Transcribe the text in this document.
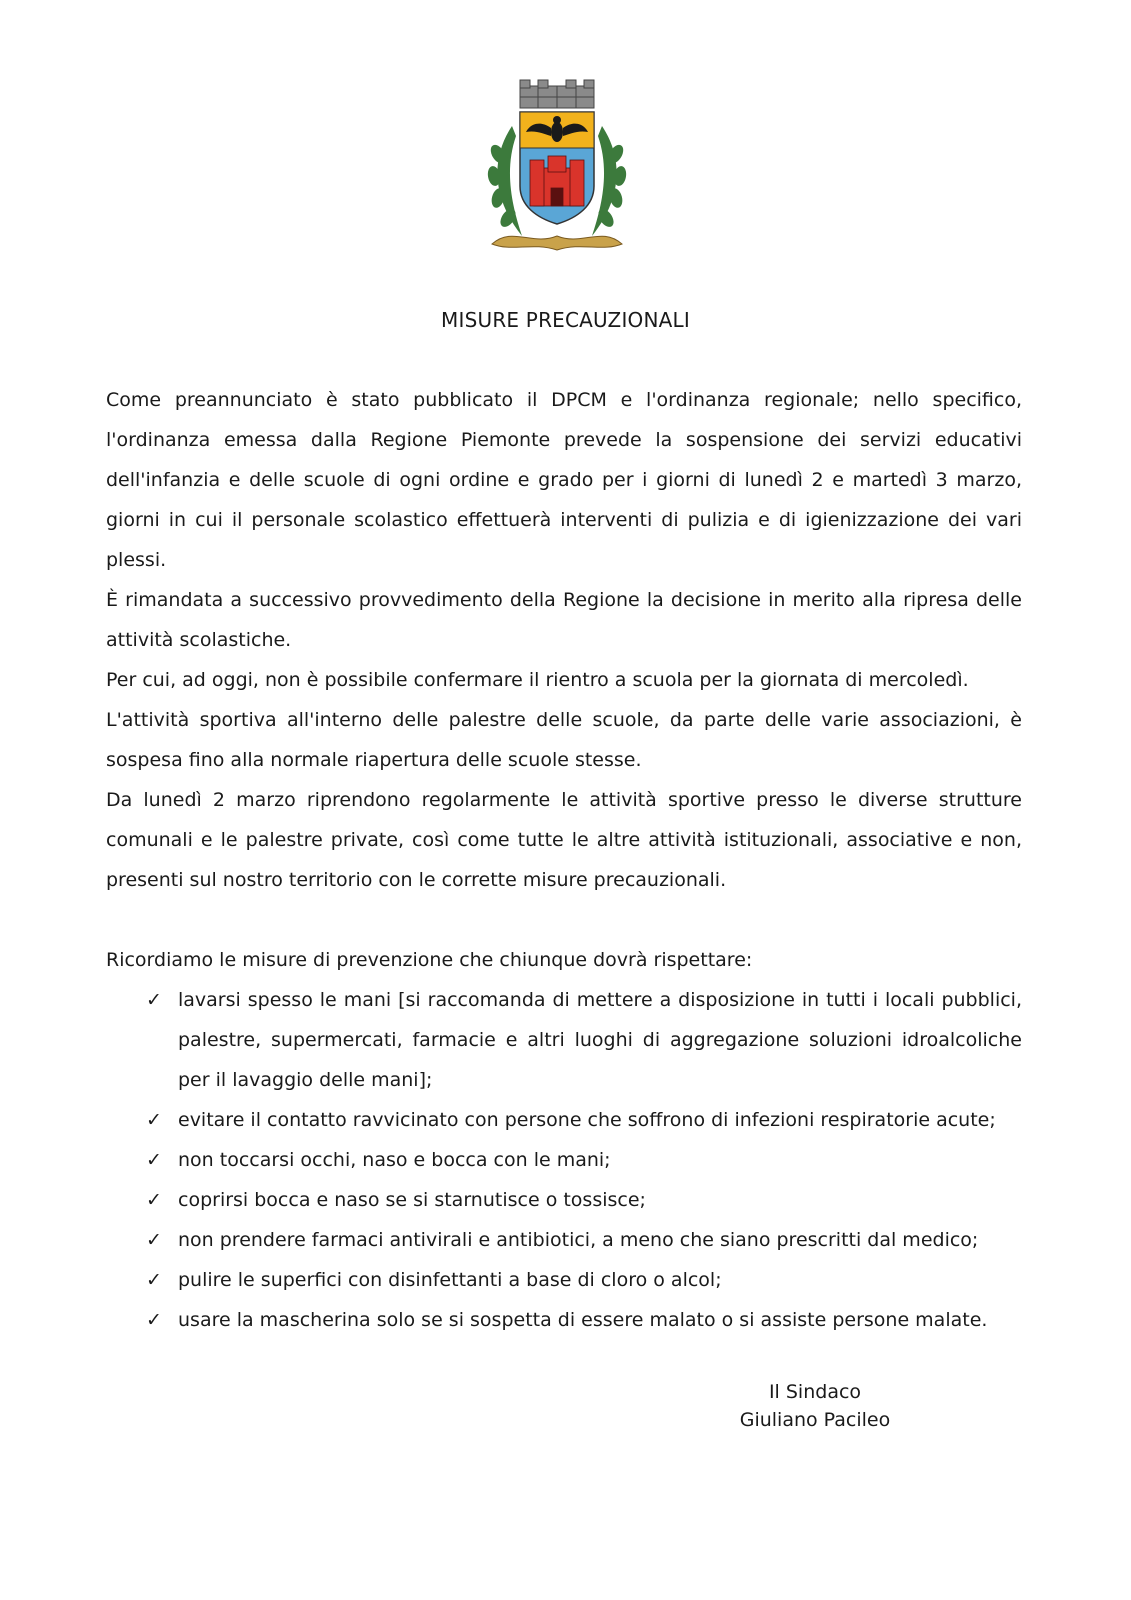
MISURE PRECAUZIONALI

Come preannunciato è stato pubblicato il DPCM e l'ordinanza regionale; nello specifico, l'ordinanza emessa dalla Regione Piemonte prevede la sospensione dei servizi educativi dell'infanzia e delle scuole di ogni ordine e grado per i giorni di lunedì 2 e martedì 3 marzo, giorni in cui il personale scolastico effettuerà interventi di pulizia e di igienizzazione dei vari plessi.

È rimandata a successivo provvedimento della Regione la decisione in merito alla ripresa delle attività scolastiche.

Per cui, ad oggi, non è possibile confermare il rientro a scuola per la giornata di mercoledì.

L'attività sportiva all'interno delle palestre delle scuole, da parte delle varie associazioni, è sospesa fino alla normale riapertura delle scuole stesse.

Da lunedì 2 marzo riprendono regolarmente le attività sportive presso le diverse strutture comunali e le palestre private, così come tutte le altre attività istituzionali, associative e non, presenti sul nostro territorio con le corrette misure precauzionali.

Ricordiamo le misure di prevenzione che chiunque dovrà rispettare:

✓ lavarsi spesso le mani [si raccomanda di mettere a disposizione in tutti i locali pubblici, palestre, supermercati, farmacie e altri luoghi di aggregazione soluzioni idroalcoliche per il lavaggio delle mani];
✓ evitare il contatto ravvicinato con persone che soffrono di infezioni respiratorie acute;
✓ non toccarsi occhi, naso e bocca con le mani;
✓ coprirsi bocca e naso se si starnutisce o tossisce;
✓ non prendere farmaci antivirali e antibiotici, a meno che siano prescritti dal medico;
✓ pulire le superfici con disinfettanti a base di cloro o alcol;
✓ usare la mascherina solo se si sospetta di essere malato o si assiste persone malate.
Il Sindaco
Giuliano Pacileo
